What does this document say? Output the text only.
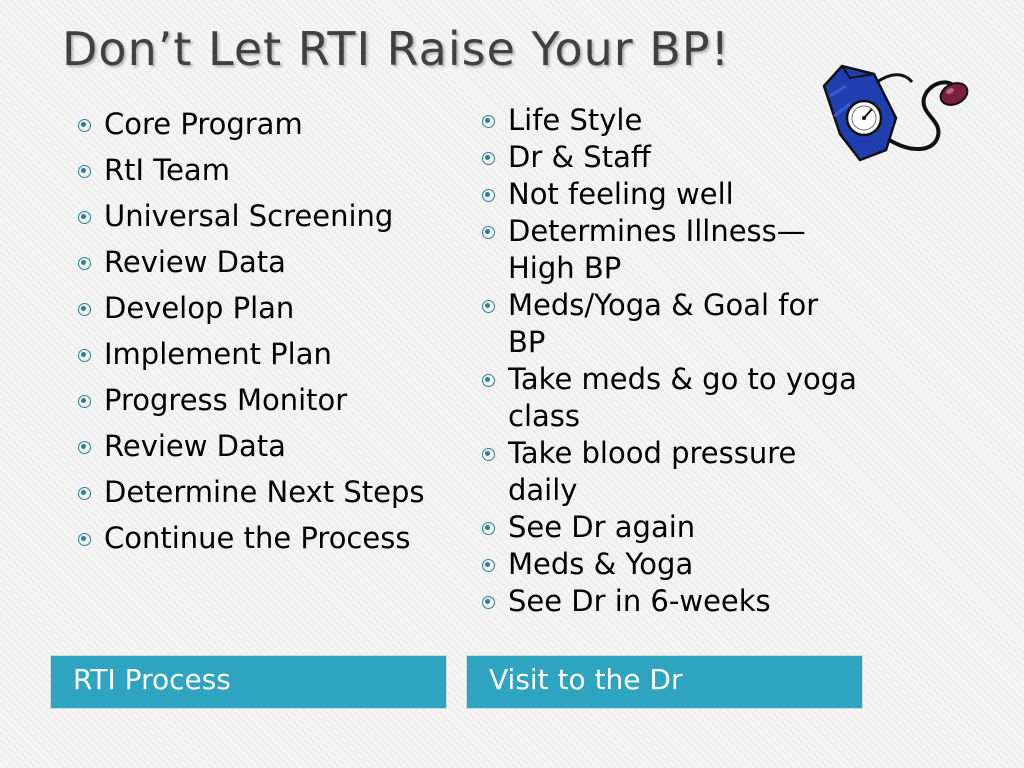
Don’t Let RTI Raise Your BP!
Core Program
RtI Team
Universal Screening
Review Data
Develop Plan
Implement Plan
Progress Monitor
Review Data
Determine Next Steps
Continue the Process
Life Style
Dr & Staff
Not feeling well
Determines Illness—High BP
Meds/Yoga & Goal for BP
Take meds & go to yoga class
Take blood pressure daily
See Dr again
Meds & Yoga
See Dr in 6-weeks
RTI Process	Visit to the Dr
